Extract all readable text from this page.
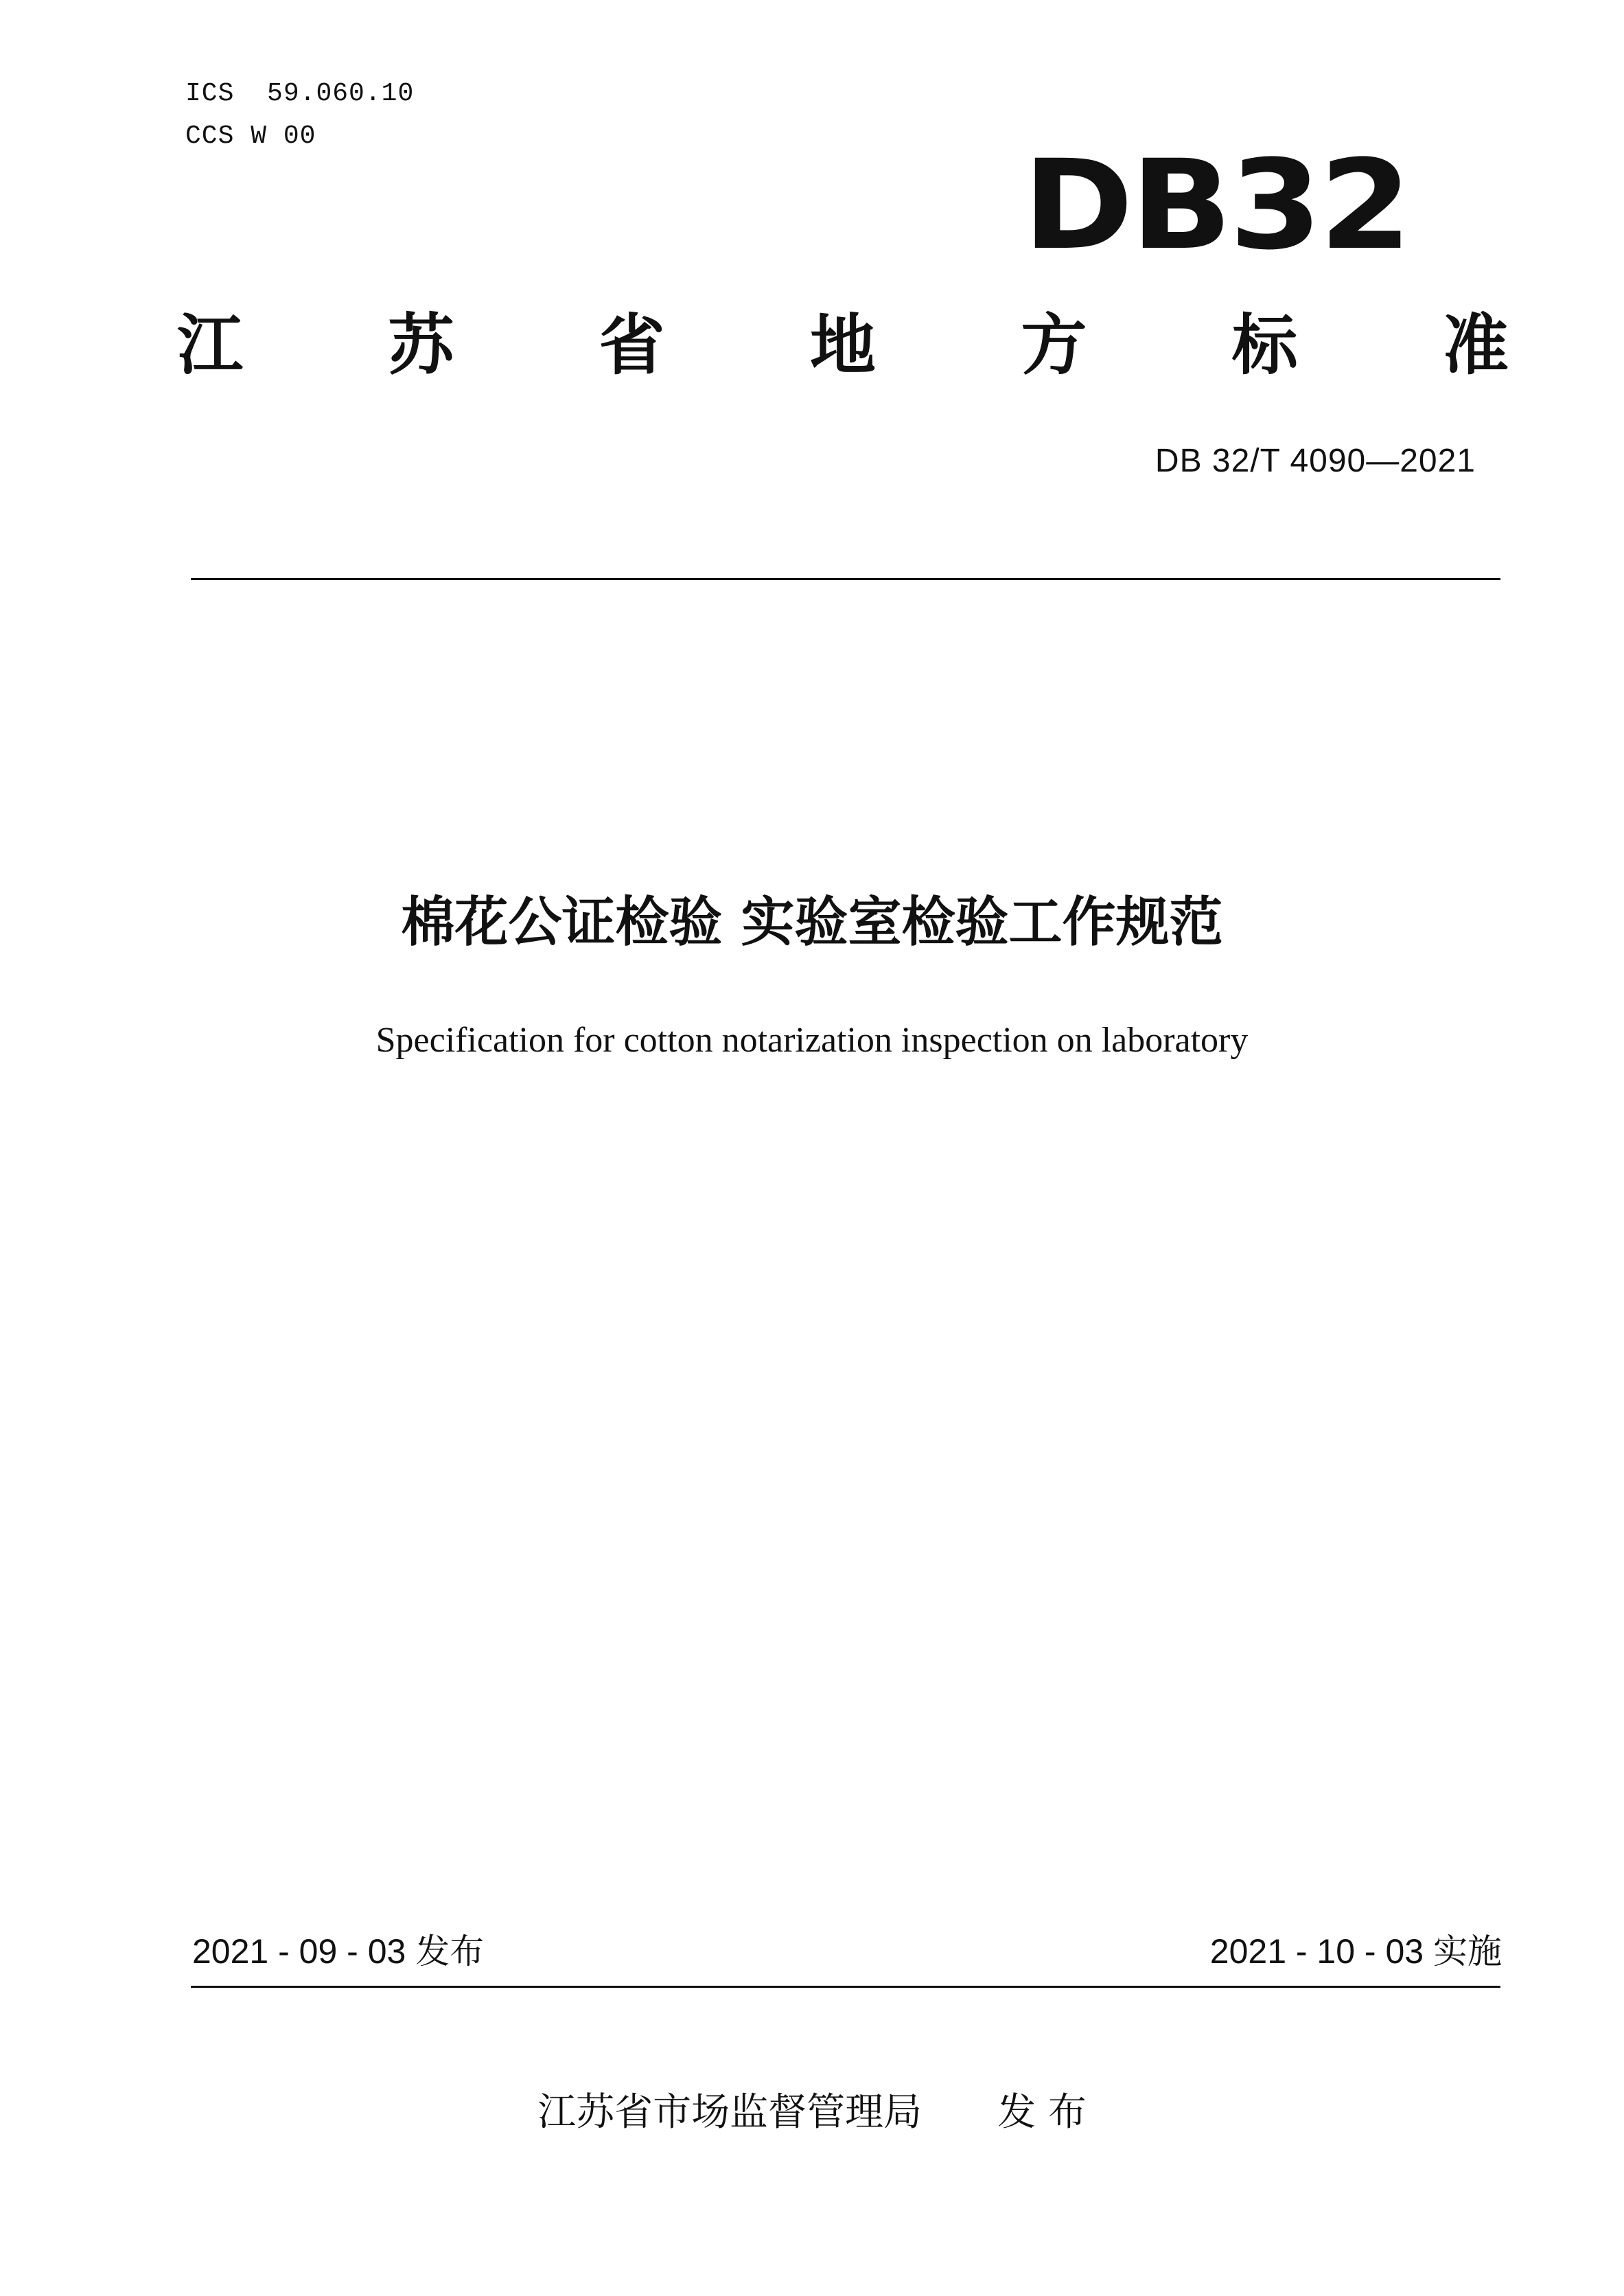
ICS 59.060.10
CCS W 00	DB32
江 苏 省 地 方 标 准
DB 32/T 4090—2021
棉花公证检验 实验室检验工作规范
Specification for cotton notarization inspection on laboratory
2021 - 09 - 03 发布	2021 - 10 - 03 实施
江苏省市场监督管理局 发 布
